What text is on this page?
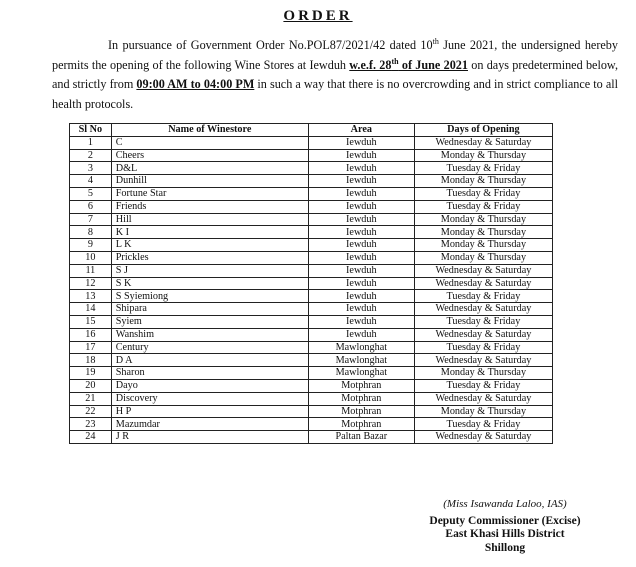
ORDER
In pursuance of Government Order No.POL87/2021/42 dated 10th June 2021, the undersigned hereby permits the opening of the following Wine Stores at Iewduh w.e.f. 28th of June 2021 on days predetermined below, and strictly from 09:00 AM to 04:00 PM in such a way that there is no overcrowding and in strict compliance to all health protocols.
Sl No	Name of Winestore	Area	Days of Opening
1	C	Iewduh	Wednesday & Saturday
2	Cheers	Iewduh	Monday & Thursday
3	D&L	Iewduh	Tuesday & Friday
4	Dunhill	Iewduh	Monday & Thursday
5	Fortune Star	Iewduh	Tuesday & Friday
6	Friends	Iewduh	Tuesday & Friday
7	Hill	Iewduh	Monday & Thursday
8	K I	Iewduh	Monday & Thursday
9	L K	Iewduh	Monday & Thursday
10	Prickles	Iewduh	Monday & Thursday
11	S J	Iewduh	Wednesday & Saturday
12	S K	Iewduh	Wednesday & Saturday
13	S Syiemiong	Iewduh	Tuesday & Friday
14	Shipara	Iewduh	Wednesday & Saturday
15	Syiem	Iewduh	Tuesday & Friday
16	Wanshim	Iewduh	Wednesday & Saturday
17	Century	Mawlonghat	Tuesday & Friday
18	D A	Mawlonghat	Wednesday & Saturday
19	Sharon	Mawlonghat	Monday & Thursday
20	Dayo	Motphran	Tuesday & Friday
21	Discovery	Motphran	Wednesday & Saturday
22	H P	Motphran	Monday & Thursday
23	Mazumdar	Motphran	Tuesday & Friday
24	J R	Paltan Bazar	Wednesday & Saturday
(Miss Isawanda Laloo, IAS)
Deputy Commissioner (Excise)
East Khasi Hills District
Shillong
